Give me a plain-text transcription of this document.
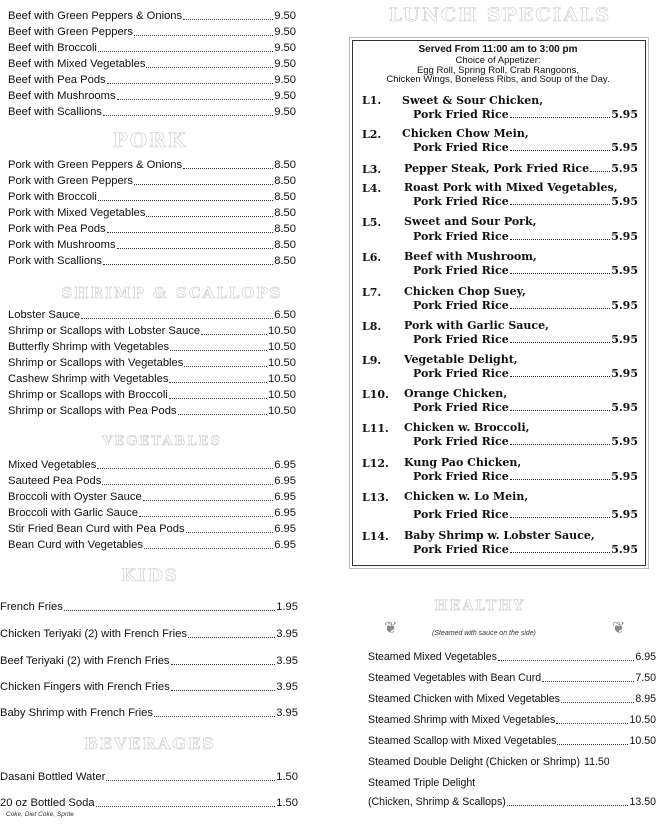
Beef with Green Peppers & Onions	9.50
Beef with Green Peppers	9.50
Beef with Broccoli	9.50
Beef with Mixed Vegetables	9.50
Beef with Pea Pods	9.50
Beef with Mushrooms	9.50
Beef with Scallions	9.50
PORK
Pork with Green Peppers & Onions	8.50
Pork with Green Peppers	8.50
Pork with Broccoli	8.50
Pork with Mixed Vegetables	8.50
Pork with Pea Pods	8.50
Pork with Mushrooms	8.50
Pork with Scallions	8.50
SHRIMP & SCALLOPS
Lobster Sauce	6.50
Shrimp or Scallops with Lobster Sauce	10.50
Butterfly Shrimp with Vegetables	10.50
Shrimp or Scallops with Vegetables	10.50
Cashew Shrimp with Vegetables	10.50
Shrimp or Scallops with Broccoli	10.50
Shrimp or Scallops with Pea Pods	10.50
VEGETABLES
Mixed Vegetables	6.95
Sauteed Pea Pods	6.95
Broccoli with Oyster Sauce	6.95
Broccoli with Garlic Sauce	6.95
Stir Fried Bean Curd with Pea Pods	6.95
Bean Curd with Vegetables	6.95
KIDS
French Fries	1.95
Chicken Teriyaki (2) with French Fries	3.95
Beef Teriyaki (2) with French Fries	3.95
Chicken Fingers with French Fries	3.95
Baby Shrimp with French Fries	3.95
BEVERAGES
Dasani Bottled Water	1.50
20 oz Bottled Soda	1.50
Coke, Diet Coke, Sprite
LUNCH SPECIALS
Served From 11:00 am to 3:00 pm
Choice of Appetizer:
Egg Roll, Spring Roll, Crab Rangoons,
Chicken Wings, Boneless Ribs, and Soup of the Day.
L1. Sweet & Sour Chicken,
Pork Fried Rice	5.95
L2. Chicken Chow Mein,
Pork Fried Rice	5.95
L3. Pepper Steak, Pork Fried Rice 5.95
L4. Roast Pork with Mixed Vegetables,
Pork Fried Rice	5.95
L5. Sweet and Sour Pork,
Pork Fried Rice	5.95
L6. Beef with Mushroom,
Pork Fried Rice	5.95
L7. Chicken Chop Suey,
Pork Fried Rice	5.95
L8. Pork with Garlic Sauce,
Pork Fried Rice	5.95
L9. Vegetable Delight,
Pork Fried Rice	5.95
L10. Orange Chicken,
Pork Fried Rice	5.95
L11. Chicken w. Broccoli,
Pork Fried Rice	5.95
L12. Kung Pao Chicken,
Pork Fried Rice	5.95
L13. Chicken w. Lo Mein,
Pork Fried Rice	5.95
L14. Baby Shrimp w. Lobster Sauce,
Pork Fried Rice	5.95
❦	❦
HEALTHY
(Steamed with sauce on the side)
Steamed Mixed Vegetables	6.95
Steamed Vegetables with Bean Curd	7.50
Steamed Chicken with Mixed Vegetables	8.95
Steamed Shrimp with Mixed Vegetables	10.50
Steamed Scallop with Mixed Vegetables	10.50
Steamed Double Delight (Chicken or Shrimp) 11.50
Steamed Triple Delight
(Chicken, Shrimp & Scallops)	13.50
